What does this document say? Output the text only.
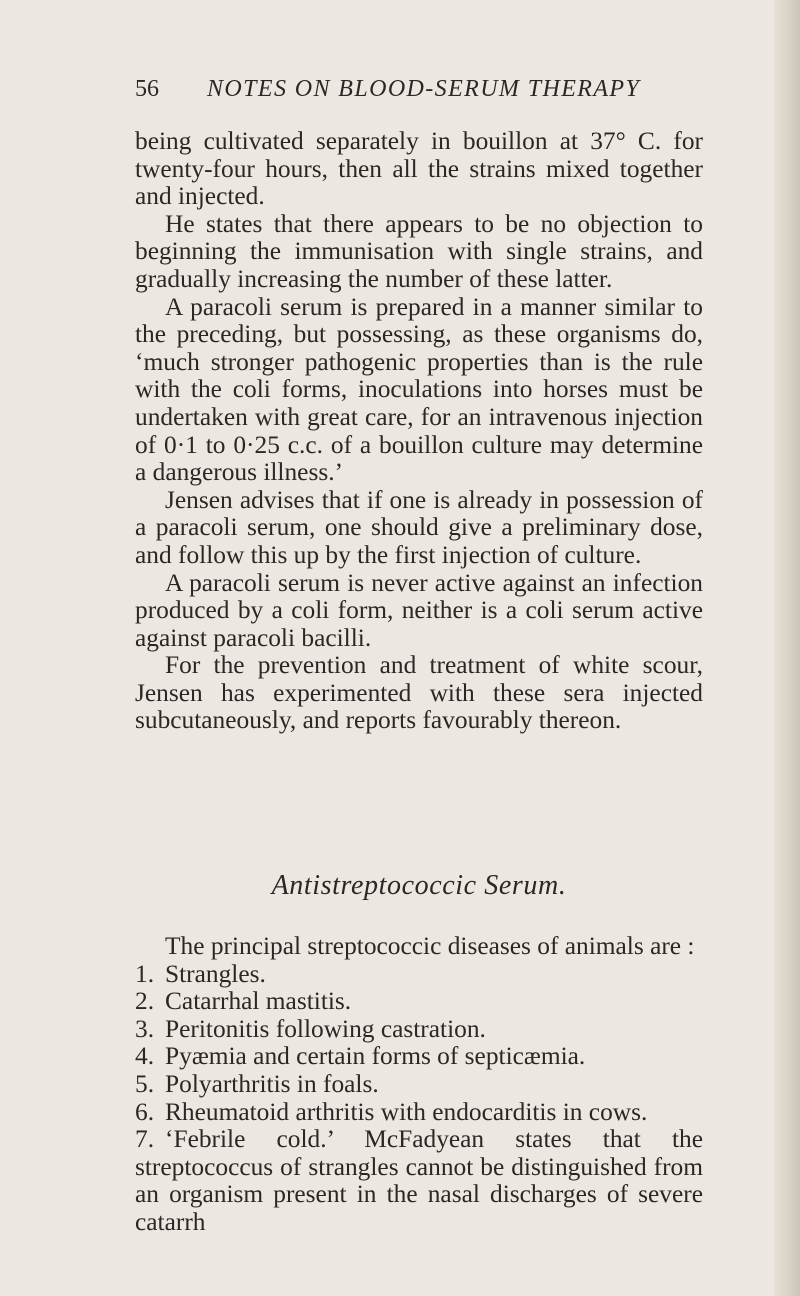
56 NOTES ON BLOOD-SERUM THERAPY

being cultivated separately in bouillon at 37° C. for twenty-four hours, then all the strains mixed together and injected.

He states that there appears to be no objection to beginning the immunisation with single strains, and gradually increasing the number of these latter.

A paracoli serum is prepared in a manner similar to the preceding, but possessing, as these organisms do, ‘much stronger pathogenic properties than is the rule with the coli forms, inoculations into horses must be undertaken with great care, for an intravenous injection of 0·1 to 0·25 c.c. of a bouillon culture may determine a dangerous illness.’

Jensen advises that if one is already in possession of a paracoli serum, one should give a preliminary dose, and follow this up by the first injection of culture.

A paracoli serum is never active against an infection produced by a coli form, neither is a coli serum active against paracoli bacilli.

For the prevention and treatment of white scour, Jensen has experimented with these sera injected subcutaneously, and reports favourably thereon.

Antistreptococcic Serum.

The principal streptococcic diseases of animals are :

1. Strangles.
2. Catarrhal mastitis.
3. Peritonitis following castration.
4. Pyæmia and certain forms of septicæmia.
5. Polyarthritis in foals.
6. Rheumatoid arthritis with endocarditis in cows.

7. ‘Febrile cold.’ McFadyean states that the streptococcus of strangles cannot be distinguished from an organism present in the nasal discharges of severe catarrh
